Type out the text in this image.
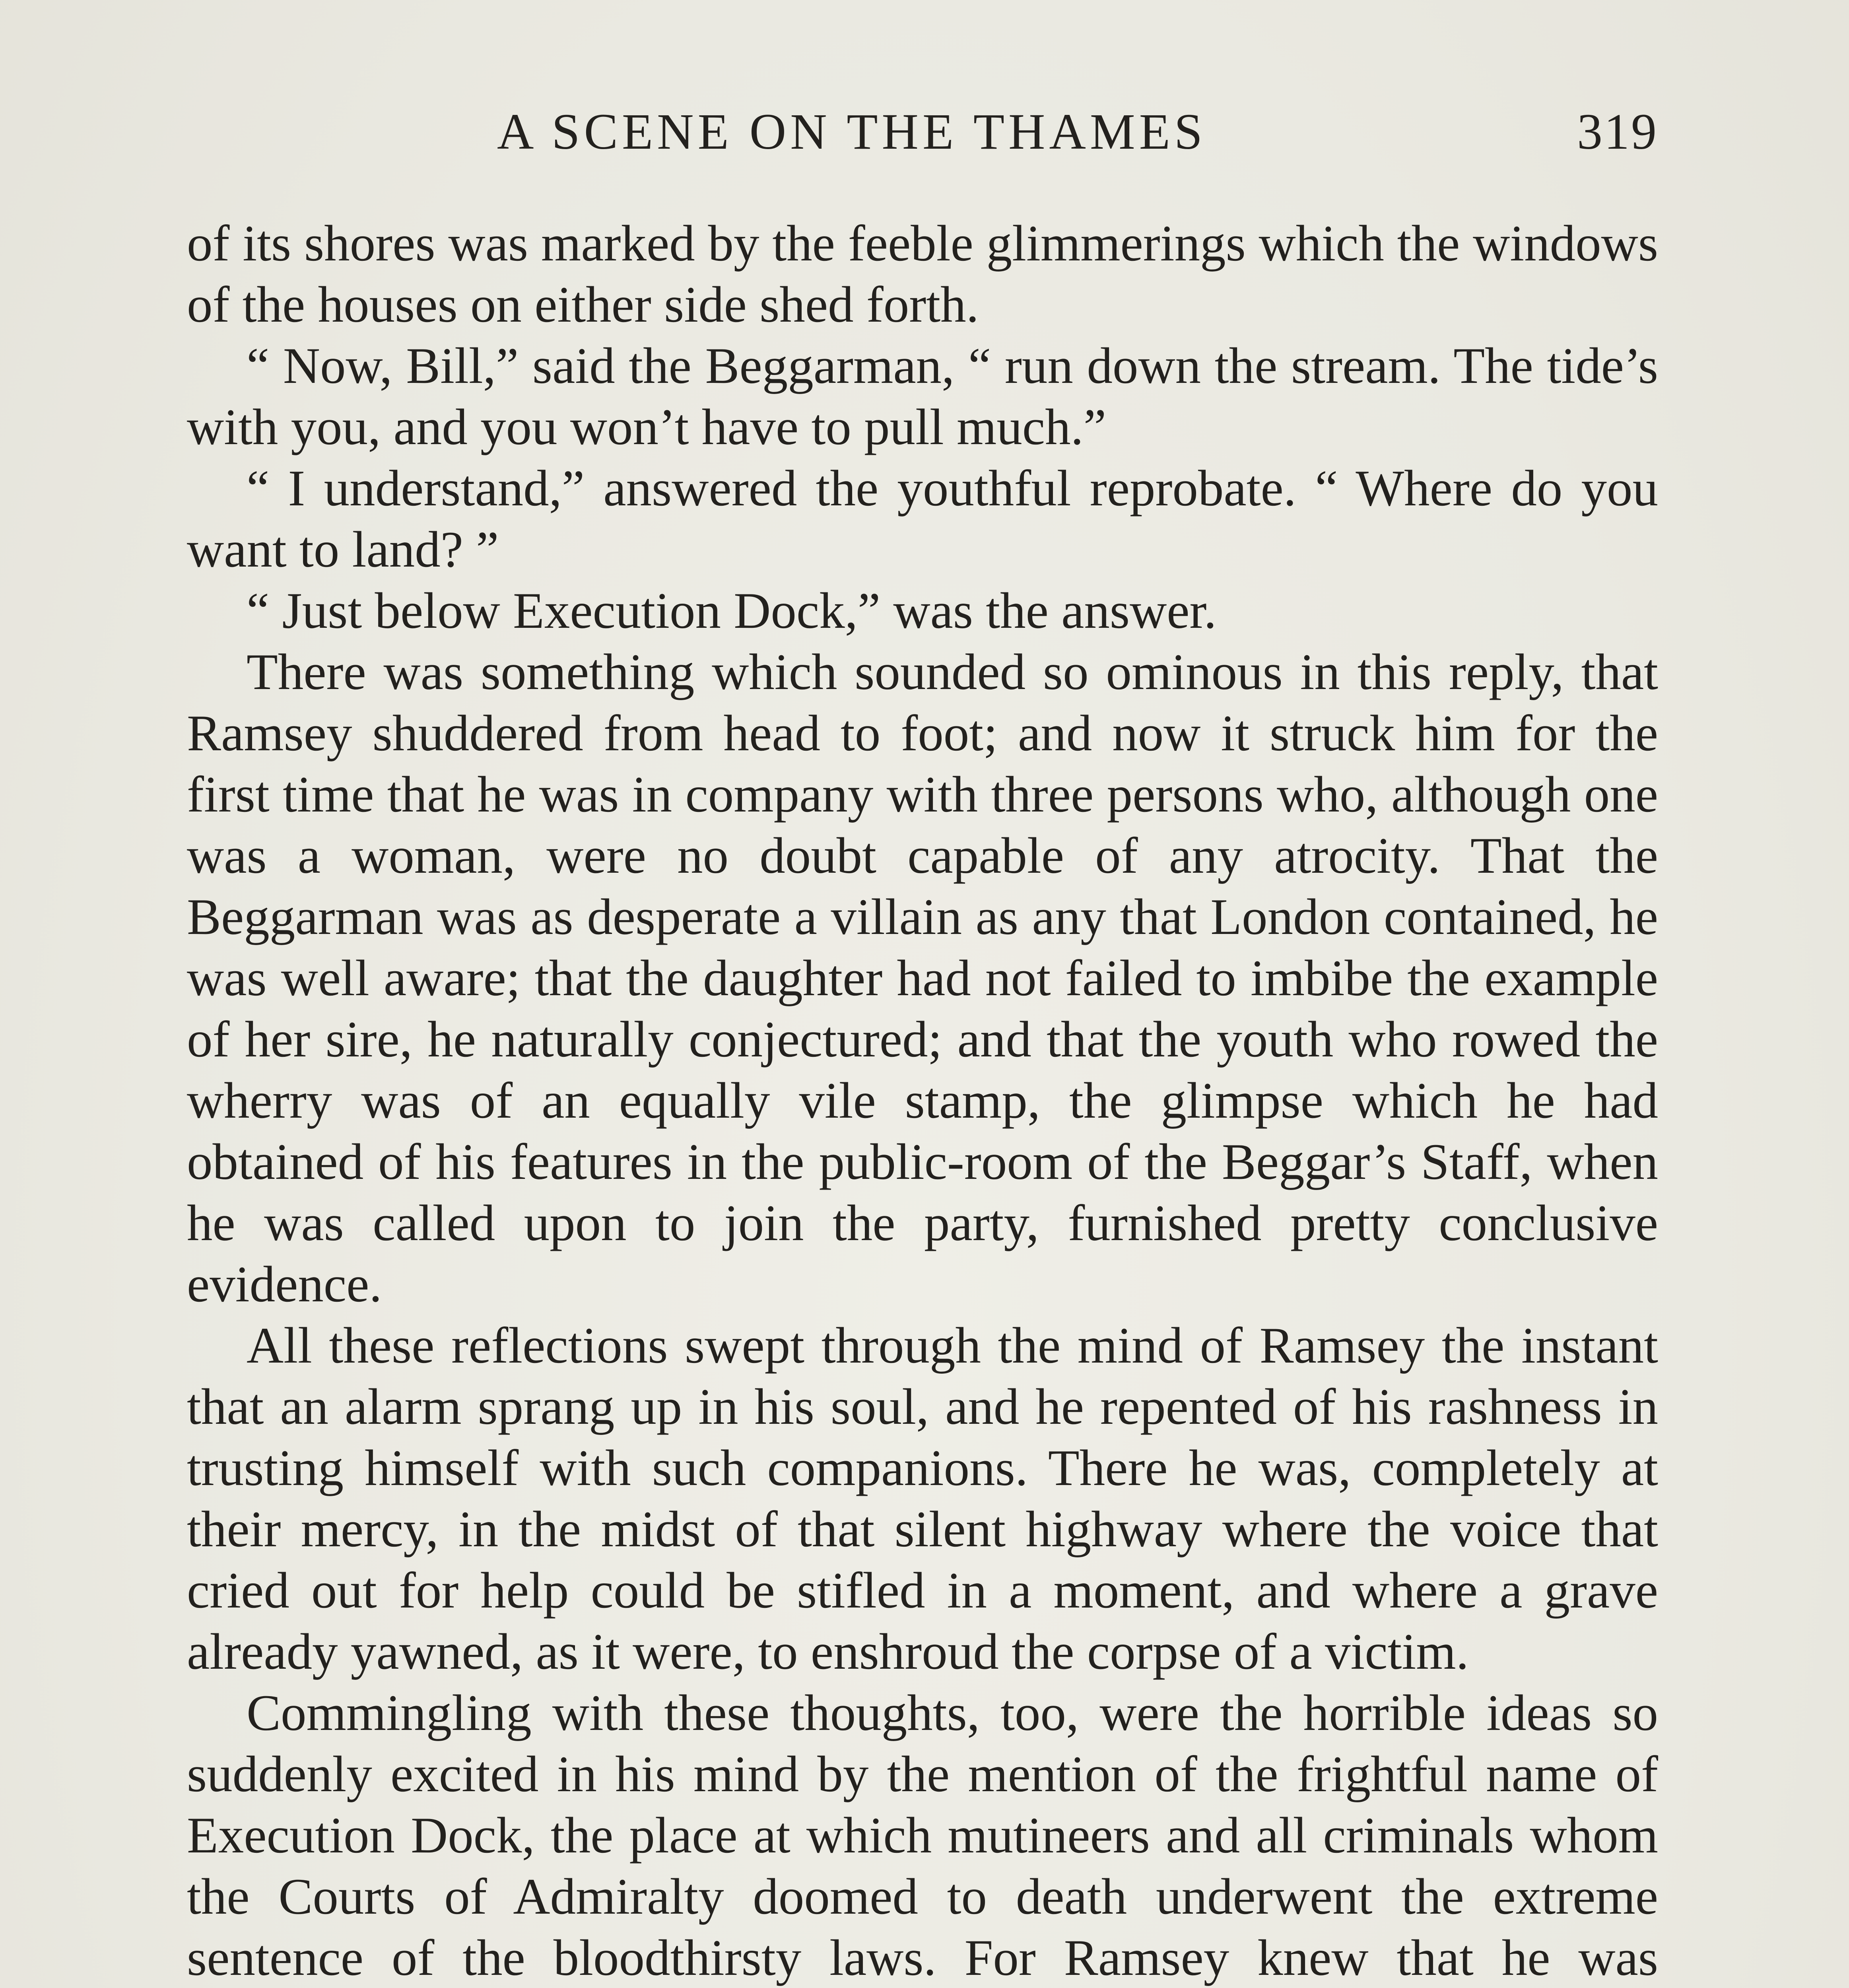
A SCENE ON THE THAMES	319

of its shores was marked by the feeble glimmerings which the windows of the houses on either side shed forth.

“ Now, Bill,” said the Beggarman, “ run down the stream. The tide’s with you, and you won’t have to pull much.”

“ I understand,” answered the youthful reprobate. “ Where do you want to land? ”

“ Just below Execution Dock,” was the answer.

There was something which sounded so ominous in this reply, that Ramsey shuddered from head to foot; and now it struck him for the first time that he was in company with three persons who, although one was a woman, were no doubt capable of any atrocity. That the Beggarman was as desperate a villain as any that London contained, he was well aware; that the daughter had not failed to imbibe the example of her sire, he naturally conjectured; and that the youth who rowed the wherry was of an equally vile stamp, the glimpse which he had obtained of his features in the public-room of the Beggar’s Staff, when he was called upon to join the party, furnished pretty conclusive evidence.

All these reflections swept through the mind of Ramsey the instant that an alarm sprang up in his soul, and he repented of his rashness in trusting himself with such companions. There he was, completely at their mercy, in the midst of that silent highway where the voice that cried out for help could be stifled in a moment, and where a grave already yawned, as it were, to enshroud the corpse of a victim.

Commingling with these thoughts, too, were the horrible ideas so suddenly excited in his mind by the mention of the frightful name of Execution Dock, the place at which mutineers and all criminals whom the Courts of Admiralty doomed to death underwent the extreme sentence of the bloodthirsty laws. For Ramsey knew that he was
